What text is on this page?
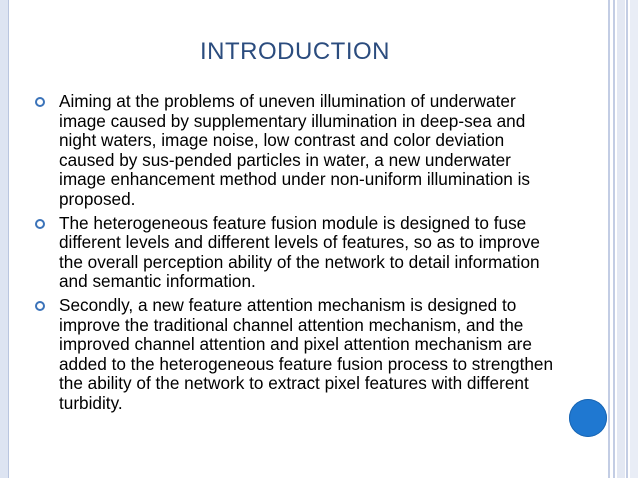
INTRODUCTION
Aiming at the problems of uneven illumination of underwater image caused by supplementary illumination in deep-sea and night waters, image noise, low contrast and color deviation caused by sus-pended particles in water, a new underwater image enhancement method under non-uniform illumination is proposed.
The heterogeneous feature fusion module is designed to fuse different levels and different levels of features, so as to improve the overall perception ability of the network to detail information and semantic information.
Secondly, a new feature attention mechanism is designed to improve the traditional channel attention mechanism, and the improved channel attention and pixel attention mechanism are added to the heterogeneous feature fusion process to strengthen the ability of the network to extract pixel features with different turbidity.
